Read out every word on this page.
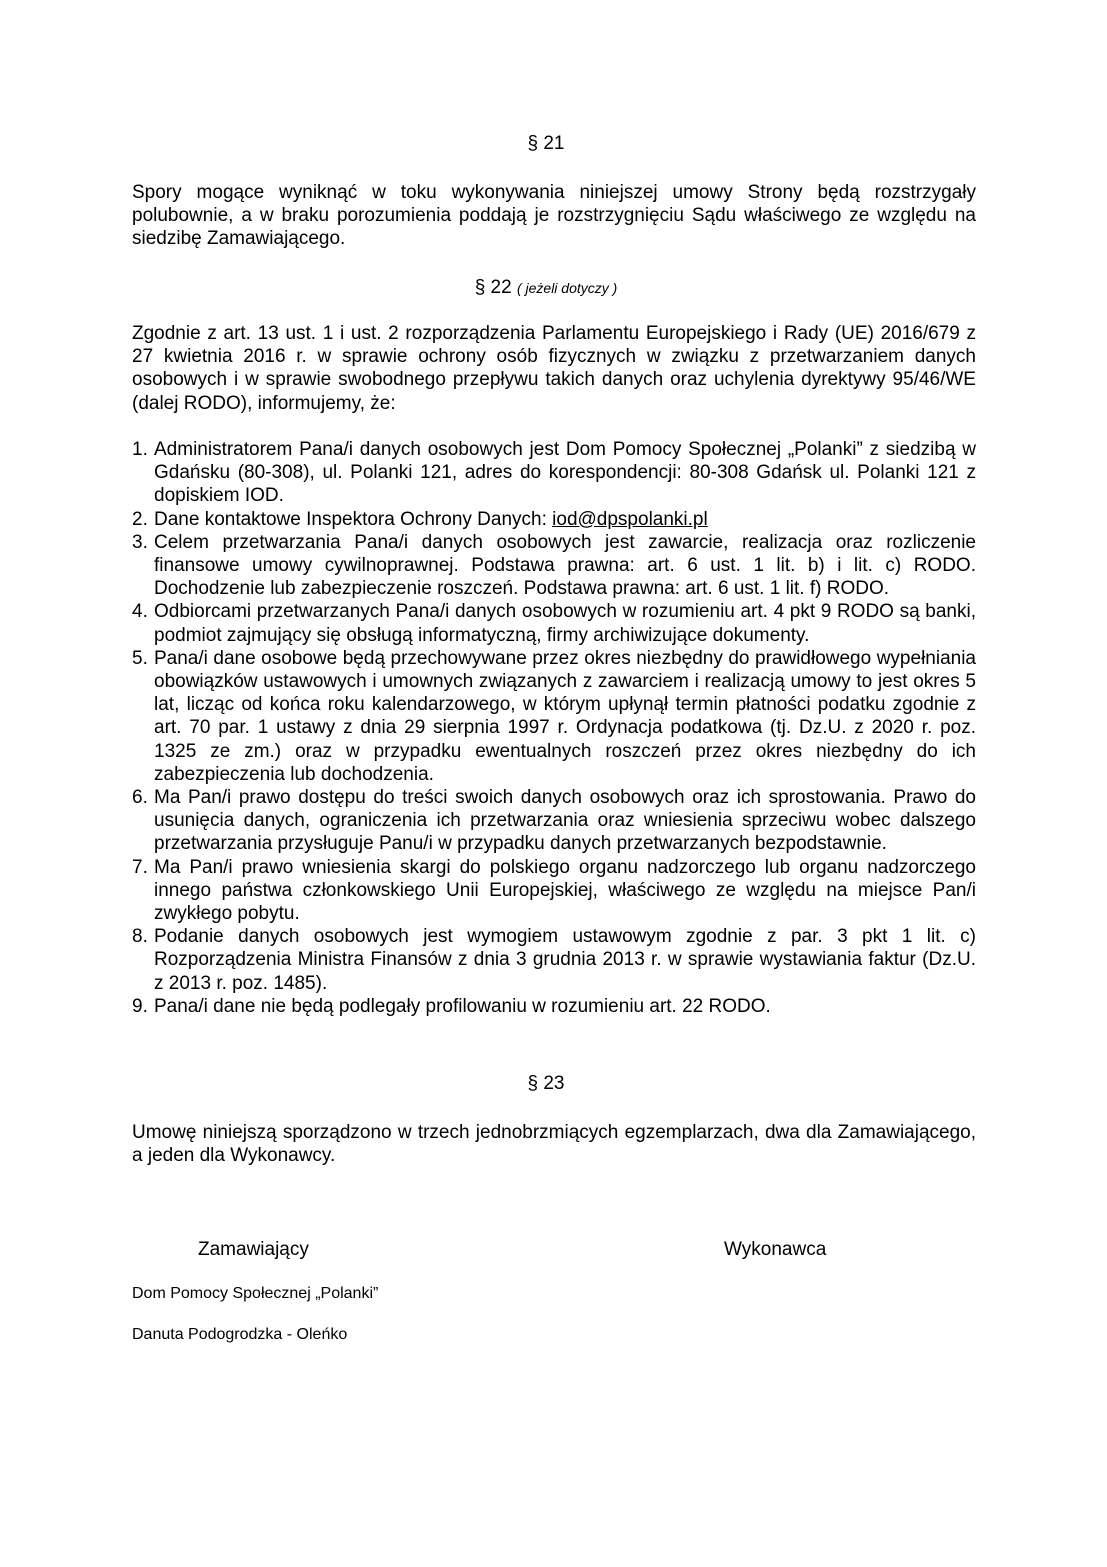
§ 21
Spory mogące wyniknąć w toku wykonywania niniejszej umowy Strony będą rozstrzygały polubownie, a w braku porozumienia poddają je rozstrzygnięciu Sądu właściwego ze względu na siedzibę Zamawiającego.
§ 22 ( jeżeli dotyczy )
Zgodnie z art. 13 ust. 1 i ust. 2 rozporządzenia Parlamentu Europejskiego i Rady (UE) 2016/679 z 27 kwietnia 2016 r. w sprawie ochrony osób fizycznych w związku z przetwarzaniem danych osobowych i w sprawie swobodnego przepływu takich danych oraz uchylenia dyrektywy 95/46/WE (dalej RODO), informujemy, że:
1. Administratorem Pana/i danych osobowych jest Dom Pomocy Społecznej „Polanki” z siedzibą w Gdańsku (80-308), ul. Polanki 121, adres do korespondencji: 80-308 Gdańsk ul. Polanki 121 z dopiskiem IOD.
2. Dane kontaktowe Inspektora Ochrony Danych: iod@dpspolanki.pl
3. Celem przetwarzania Pana/i danych osobowych jest zawarcie, realizacja oraz rozliczenie finansowe umowy cywilnoprawnej. Podstawa prawna: art. 6 ust. 1 lit. b) i lit. c) RODO. Dochodzenie lub zabezpieczenie roszczeń. Podstawa prawna: art. 6 ust. 1 lit. f) RODO.
4. Odbiorcami przetwarzanych Pana/i danych osobowych w rozumieniu art. 4 pkt 9 RODO są banki, podmiot zajmujący się obsługą informatyczną, firmy archiwizujące dokumenty.
5. Pana/i dane osobowe będą przechowywane przez okres niezbędny do prawidłowego wypełniania obowiązków ustawowych i umownych związanych z zawarciem i realizacją umowy to jest okres 5 lat, licząc od końca roku kalendarzowego, w którym upłynął termin płatności podatku zgodnie z art. 70 par. 1 ustawy z dnia 29 sierpnia 1997 r. Ordynacja podatkowa (tj. Dz.U. z 2020 r. poz. 1325 ze zm.) oraz w przypadku ewentualnych roszczeń przez okres niezbędny do ich zabezpieczenia lub dochodzenia.
6. Ma Pan/i prawo dostępu do treści swoich danych osobowych oraz ich sprostowania. Prawo do usunięcia danych, ograniczenia ich przetwarzania oraz wniesienia sprzeciwu wobec dalszego przetwarzania przysługuje Panu/i w przypadku danych przetwarzanych bezpodstawnie.
7. Ma Pan/i prawo wniesienia skargi do polskiego organu nadzorczego lub organu nadzorczego innego państwa członkowskiego Unii Europejskiej, właściwego ze względu na miejsce Pan/i zwykłego pobytu.
8. Podanie danych osobowych jest wymogiem ustawowym zgodnie z par. 3 pkt 1 lit. c) Rozporządzenia Ministra Finansów z dnia 3 grudnia 2013 r. w sprawie wystawiania faktur (Dz.U. z 2013 r. poz. 1485).
9. Pana/i dane nie będą podlegały profilowaniu w rozumieniu art. 22 RODO.
§ 23
Umowę niniejszą sporządzono w trzech jednobrzmiących egzemplarzach, dwa dla Zamawiającego, a jeden dla Wykonawcy.
Zamawiający	Wykonawca
Dom Pomocy Społecznej „Polanki”
Danuta Podogrodzka - Oleńko
